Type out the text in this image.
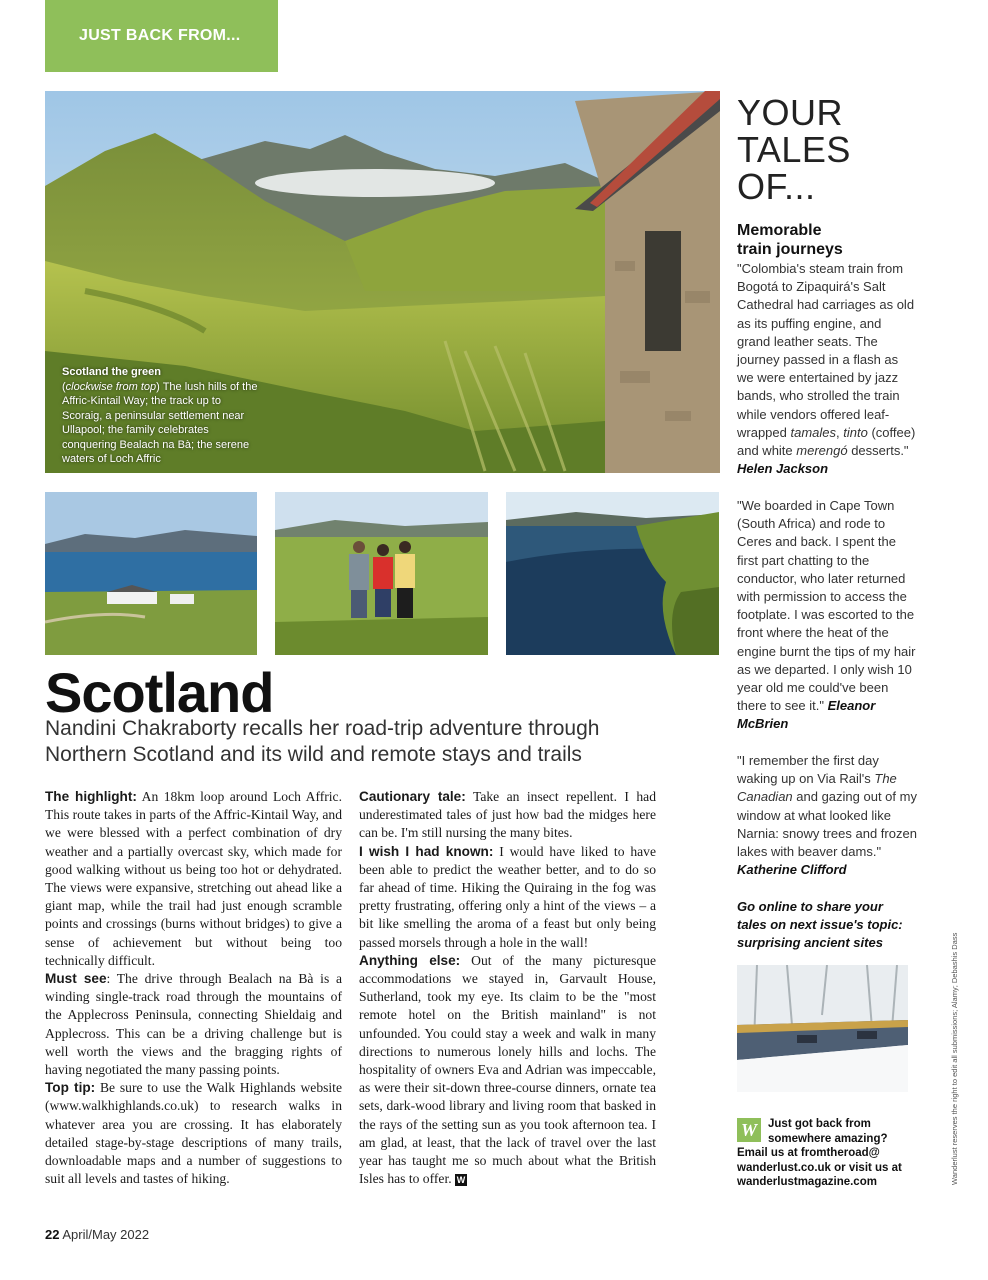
JUST BACK FROM...
Scotland the green
(clockwise from top) The lush hills of the Affric-Kintail Way; the track up to Scoraig, a peninsular settlement near Ullapool; the family celebrates conquering Bealach na Bà; the serene waters of Loch Affric
Scotland
Nandini Chakraborty recalls her road-trip adventure through Northern Scotland and its wild and remote stays and trails

The highlight: An 18km loop around Loch Affric. This route takes in parts of the Affric-Kintail Way, and we were blessed with a perfect combination of dry weather and a partially overcast sky, which made for good walking without us being too hot or dehydrated. The views were expansive, stretching out ahead like a giant map, while the trail had just enough scramble points and crossings (burns without bridges) to give a sense of achievement but without being too technically difficult.

Must see: The drive through Bealach na Bà is a winding single-track road through the mountains of the Applecross Peninsula, connecting Shieldaig and Applecross. This can be a driving challenge but is well worth the views and the bragging rights of having negotiated the many passing points.

Top tip: Be sure to use the Walk Highlands website (www.walkhighlands.co.uk) to research walks in whatever area you are crossing. It has elaborately detailed stage-by-stage descriptions of many trails, downloadable maps and a number of suggestions to suit all levels and tastes of hiking.

Cautionary tale: Take an insect repellent. I had underestimated tales of just how bad the midges here can be. I'm still nursing the many bites.

I wish I had known: I would have liked to have been able to predict the weather better, and to do so far ahead of time. Hiking the Quiraing in the fog was pretty frustrating, offering only a hint of the views – a bit like smelling the aroma of a feast but only being passed morsels through a hole in the wall!

Anything else: Out of the many picturesque accommodations we stayed in, Garvault House, Sutherland, took my eye. Its claim to be the "most remote hotel on the British mainland" is not unfounded. You could stay a week and walk in many directions to numerous lonely hills and lochs. The hospitality of owners Eva and Adrian was impeccable, as were their sit-down three-course dinners, ornate tea sets, dark-wood library and living room that basked in the rays of the setting sun as you took afternoon tea. I am glad, at least, that the lack of travel over the last year has taught me so much about what the British Isles has to offer. W

YOUR
TALES
OF...
Memorable
train journeys
"Colombia's steam train from Bogotá to Zipaquirá's Salt Cathedral had carriages as old as its puffing engine, and grand leather seats. The journey passed in a flash as we were entertained by jazz bands, who strolled the train while vendors offered leaf-wrapped tamales, tinto (coffee) and white merengó desserts." Helen Jackson
"We boarded in Cape Town (South Africa) and rode to Ceres and back. I spent the first part chatting to the conductor, who later returned with permission to access the footplate. I was escorted to the front where the heat of the engine burnt the tips of my hair as we departed. I only wish 10 year old me could've been there to see it." Eleanor McBrien
"I remember the first day waking up on Via Rail's The Canadian and gazing out of my window at what looked like Narnia: snowy trees and frozen lakes with beaver dams." Katherine Clifford
Go online to share your tales on next issue's topic: surprising ancient sites
W Just got back from somewhere amazing?
Email us at fromtheroad@ wanderlust.co.uk or visit us at wanderlustmagazine.com	Wanderlust reserves the right to edit all submissions; Alamy; Debashis Dass
22 April/May 2022
